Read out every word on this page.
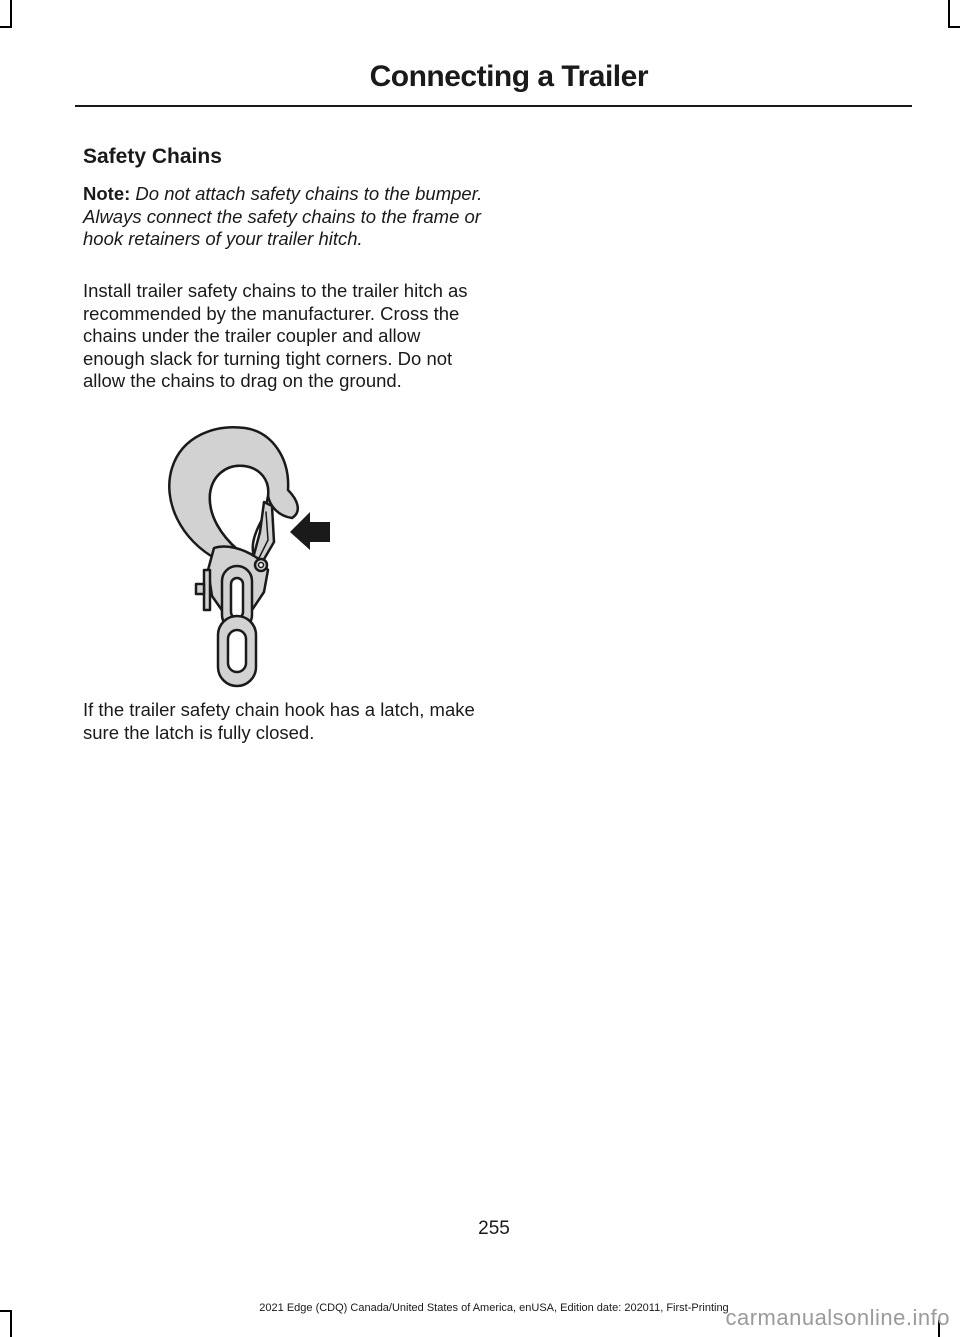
Connecting a Trailer
Safety Chains

Note: Do not attach safety chains to the bumper. Always connect the safety chains to the frame or hook retainers of your trailer hitch.

Install trailer safety chains to the trailer hitch as recommended by the manufacturer. Cross the chains under the trailer coupler and allow enough slack for turning tight corners. Do not allow the chains to drag on the ground.

If the trailer safety chain hook has a latch, make sure the latch is fully closed.

255
2021 Edge (CDQ) Canada/United States of America, enUSA, Edition date: 202011, First-Printing
carmanualsonline.info
